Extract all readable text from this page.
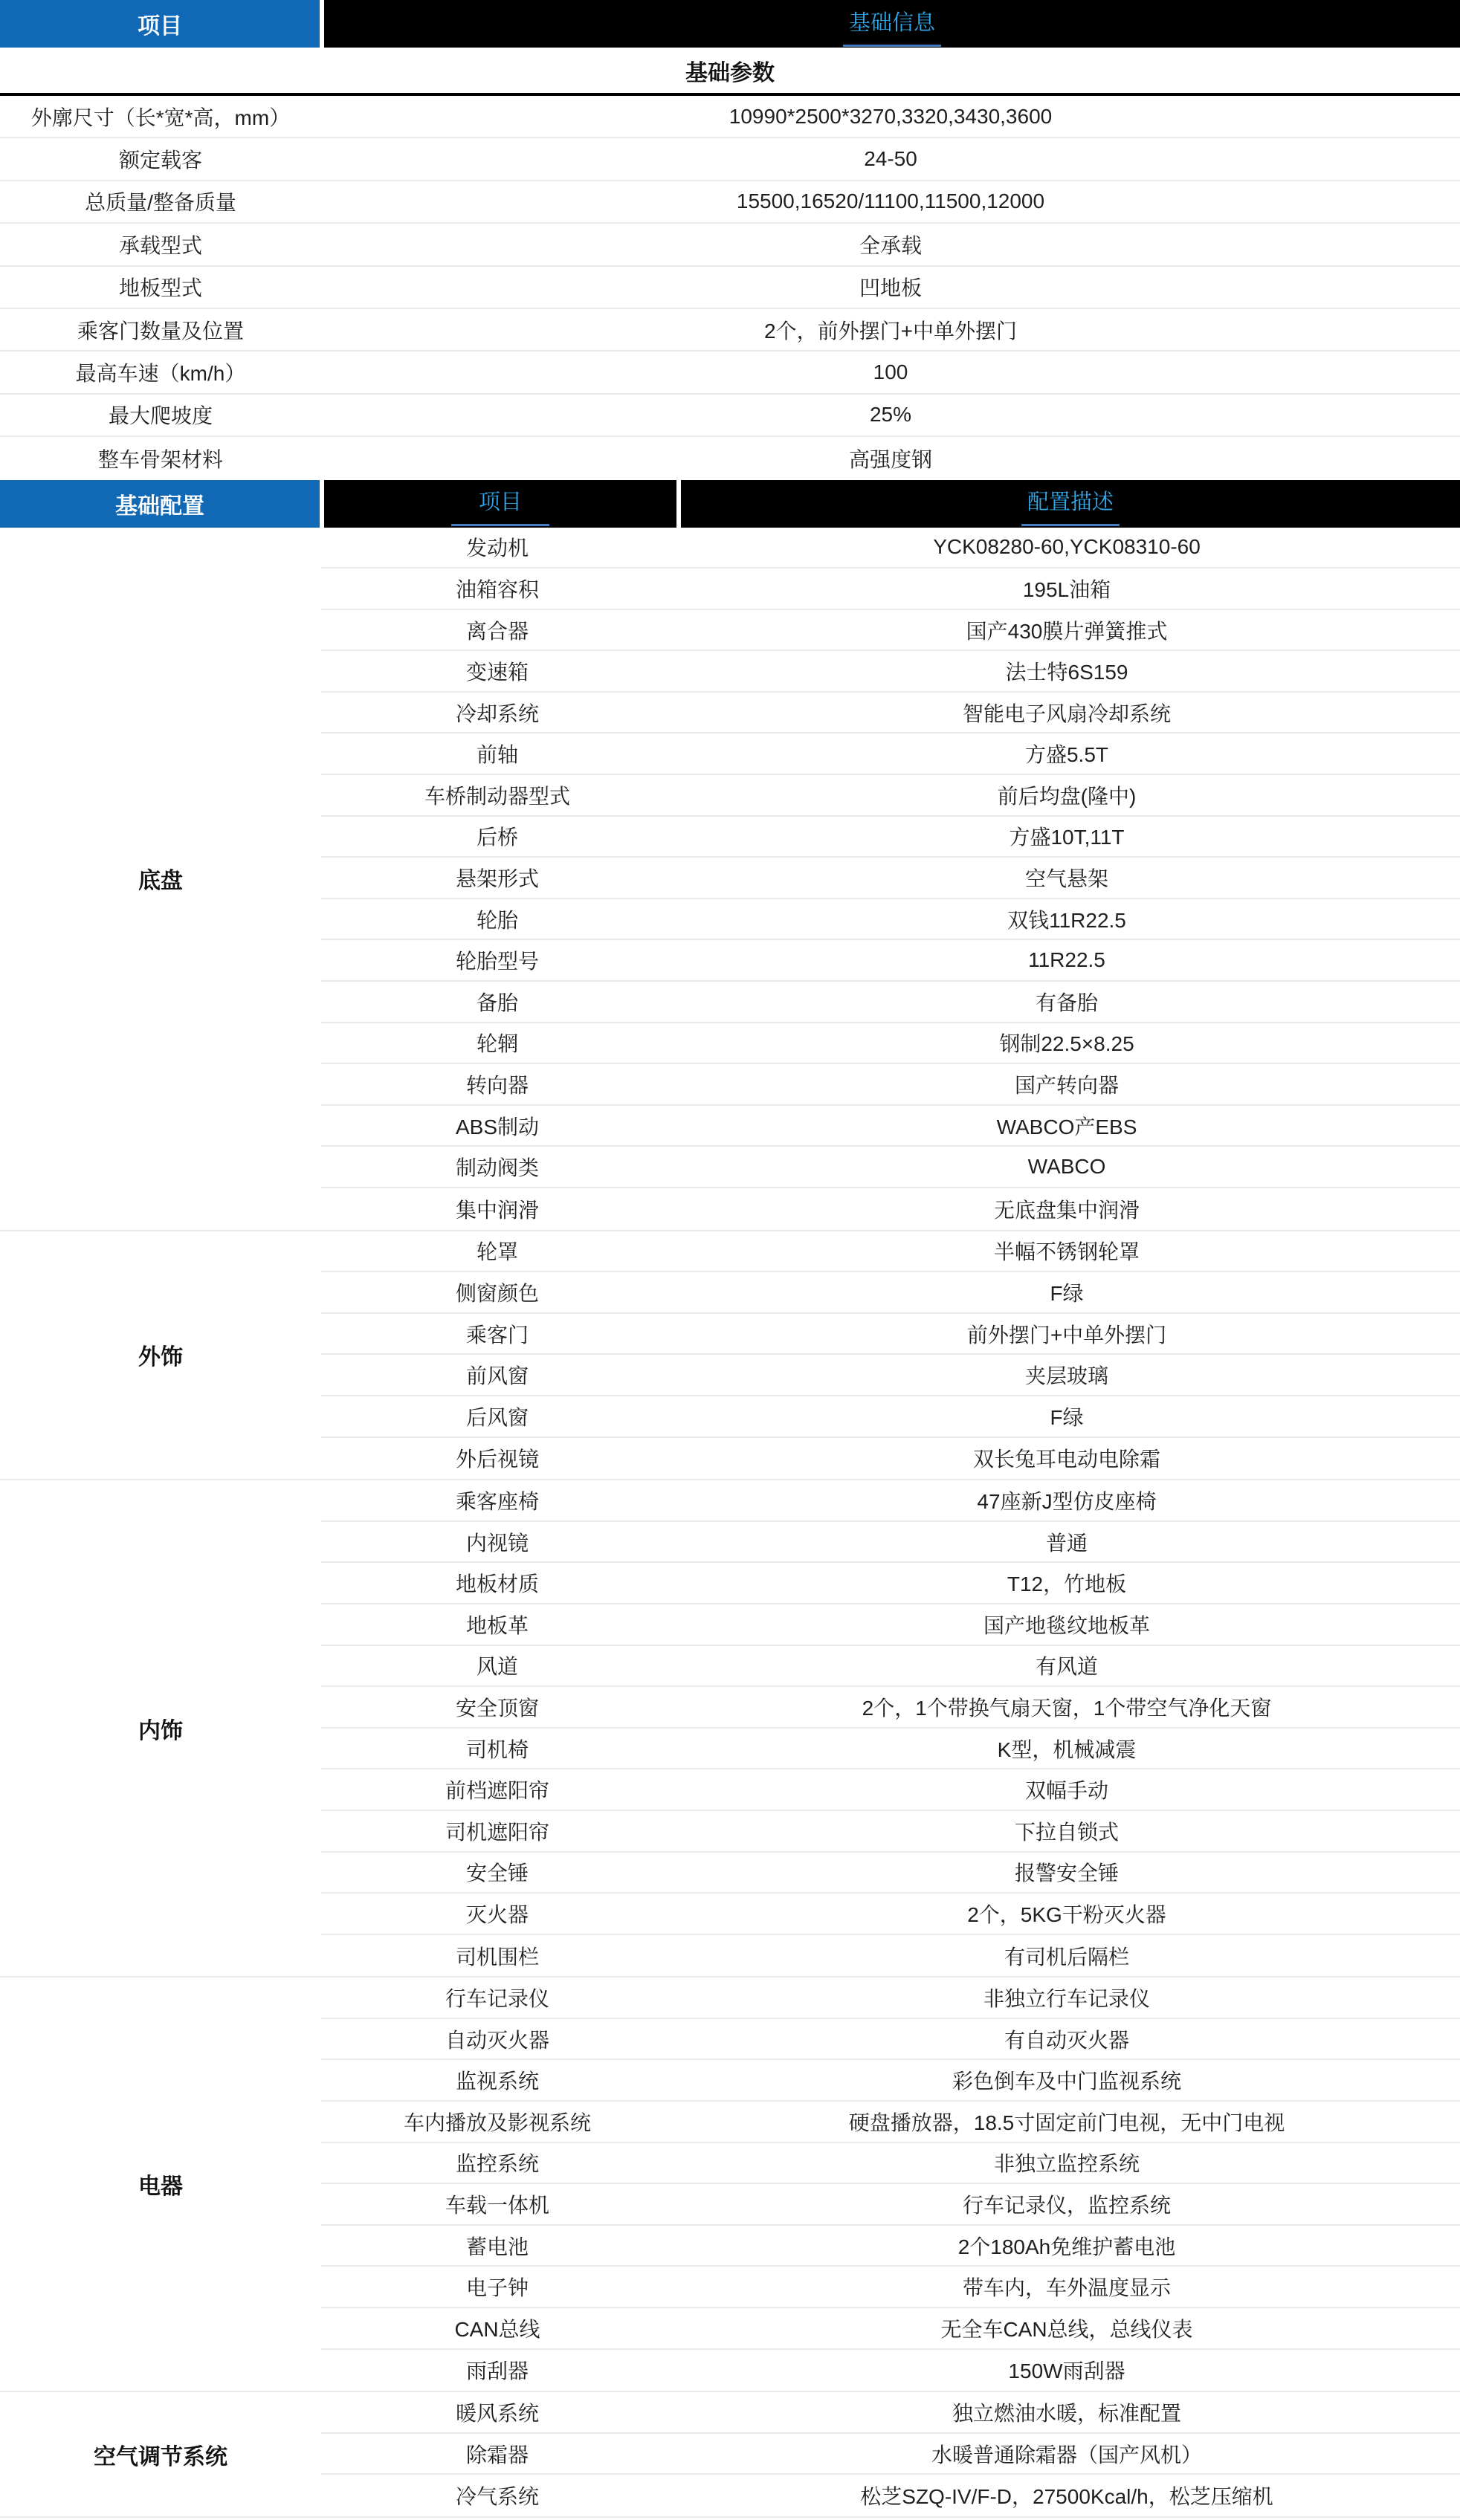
项目	基础信息
基础参数
外廓尺寸（长*宽*高，mm）	10990*2500*3270,3320,3430,3600
额定载客	24-50
总质量/整备质量	15500,16520/11100,11500,12000
承载型式	全承载
地板型式	凹地板
乘客门数量及位置	2个，前外摆门+中单外摆门
最高车速（km/h）	100
最大爬坡度	25%
整车骨架材料	高强度钢
基础配置	项目	配置描述
底盘
发动机	YCK08280-60,YCK08310-60
油箱容积	195L油箱
离合器	国产430膜片弹簧推式
变速箱	法士特6S159
冷却系统	智能电子风扇冷却系统
前轴	方盛5.5T
车桥制动器型式	前后均盘(隆中)
后桥	方盛10T,11T
悬架形式	空气悬架
轮胎	双钱11R22.5
轮胎型号	11R22.5
备胎	有备胎
轮辋	钢制22.5×8.25
转向器	国产转向器
ABS制动	WABCO产EBS
制动阀类	WABCO
集中润滑	无底盘集中润滑
外饰
轮罩	半幅不锈钢轮罩
侧窗颜色	F绿
乘客门	前外摆门+中单外摆门
前风窗	夹层玻璃
后风窗	F绿
外后视镜	双长兔耳电动电除霜
内饰
乘客座椅	47座新J型仿皮座椅
内视镜	普通
地板材质	T12，竹地板
地板革	国产地毯纹地板革
风道	有风道
安全顶窗	2个，1个带换气扇天窗，1个带空气净化天窗
司机椅	K型，机械减震
前档遮阳帘	双幅手动
司机遮阳帘	下拉自锁式
安全锤	报警安全锤
灭火器	2个，5KG干粉灭火器
司机围栏	有司机后隔栏
电器
行车记录仪	非独立行车记录仪
自动灭火器	有自动灭火器
监视系统	彩色倒车及中门监视系统
车内播放及影视系统	硬盘播放器，18.5寸固定前门电视，无中门电视
监控系统	非独立监控系统
车载一体机	行车记录仪，监控系统
蓄电池	2个180Ah免维护蓄电池
电子钟	带车内，车外温度显示
CAN总线	无全车CAN总线，总线仪表
雨刮器	150W雨刮器
空气调节系统
暖风系统	独立燃油水暖，标准配置
除霜器	水暖普通除霜器（国产风机）
冷气系统	松芝SZQ-IV/F-D，27500Kcal/h，松芝压缩机
